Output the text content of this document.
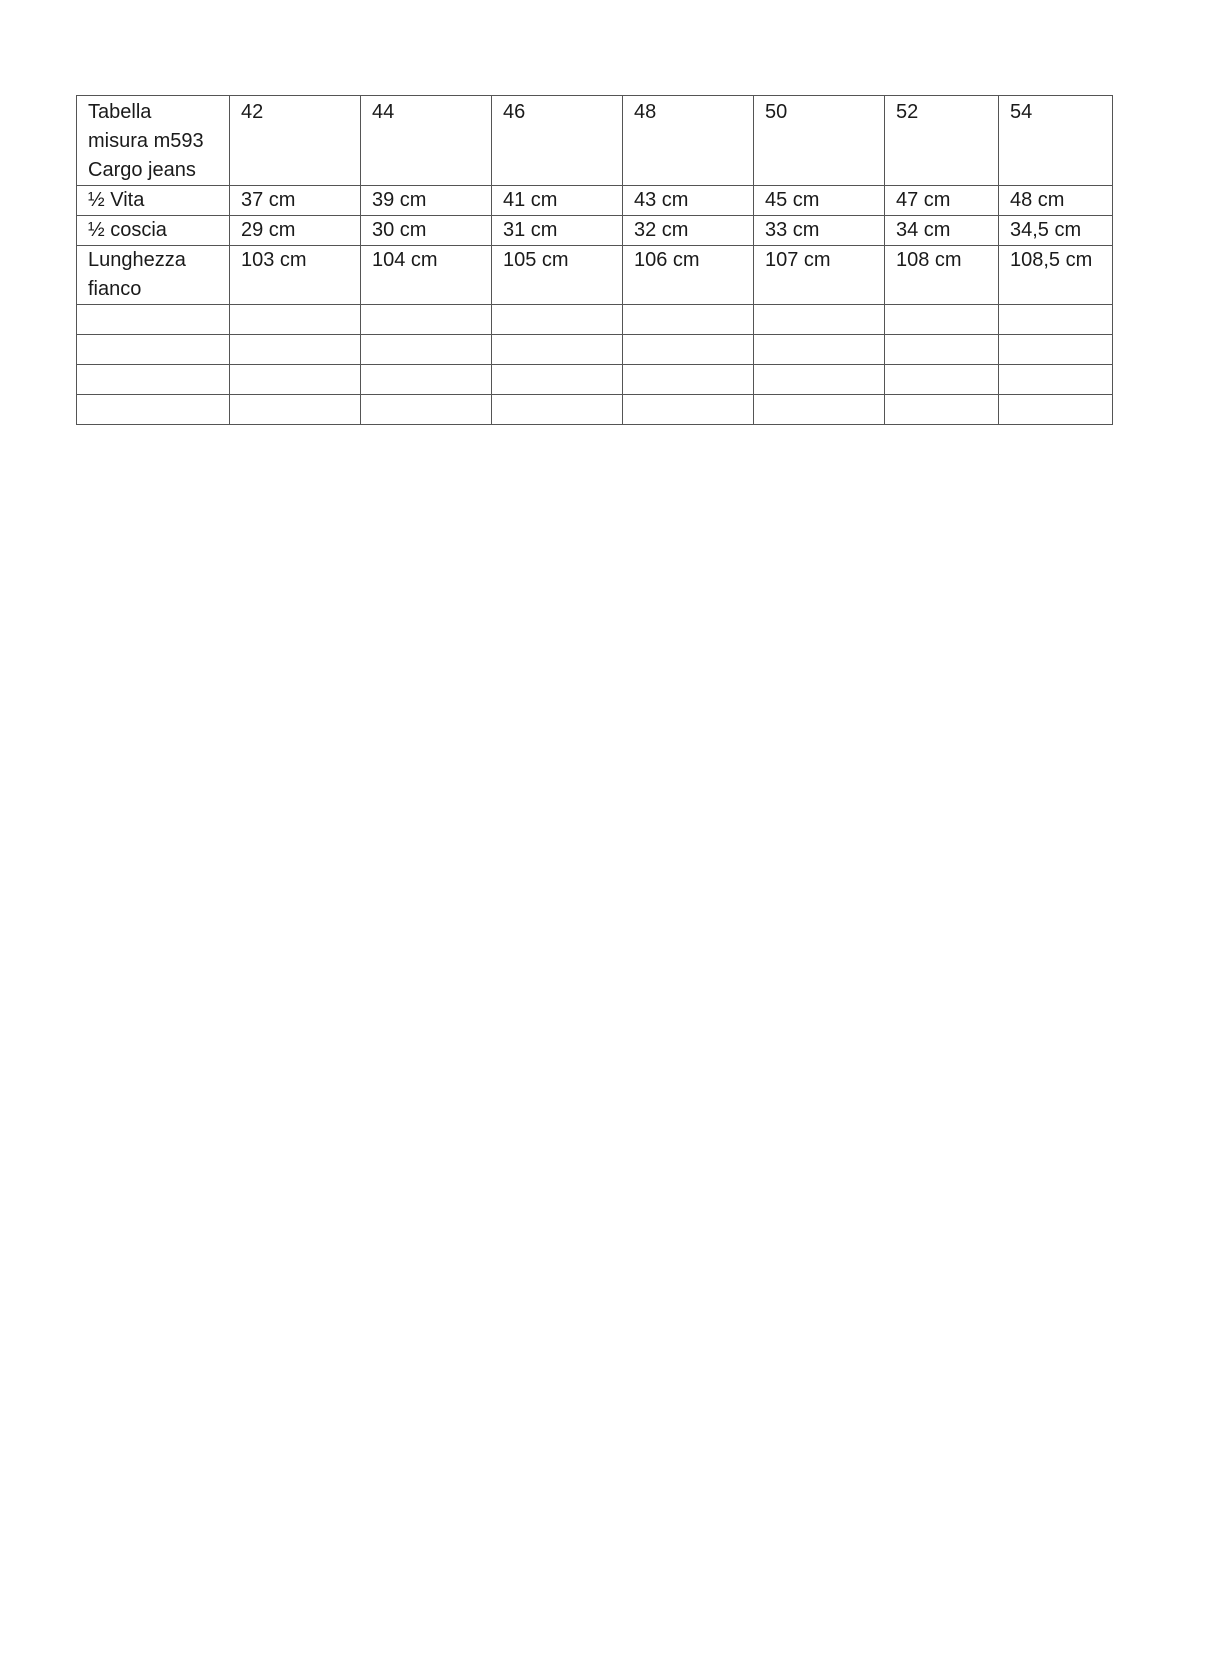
Tabella
misura m593
Cargo jeans	42	44	46	48	50	52	54
½ Vita	37 cm	39 cm	41 cm	43 cm	45 cm	47 cm	48 cm
½ coscia	29 cm	30 cm	31 cm	32 cm	33 cm	34 cm	34,5 cm

Lunghezza
fianco	103 cm	104 cm	105 cm	106 cm	107 cm	108 cm	108,5 cm
